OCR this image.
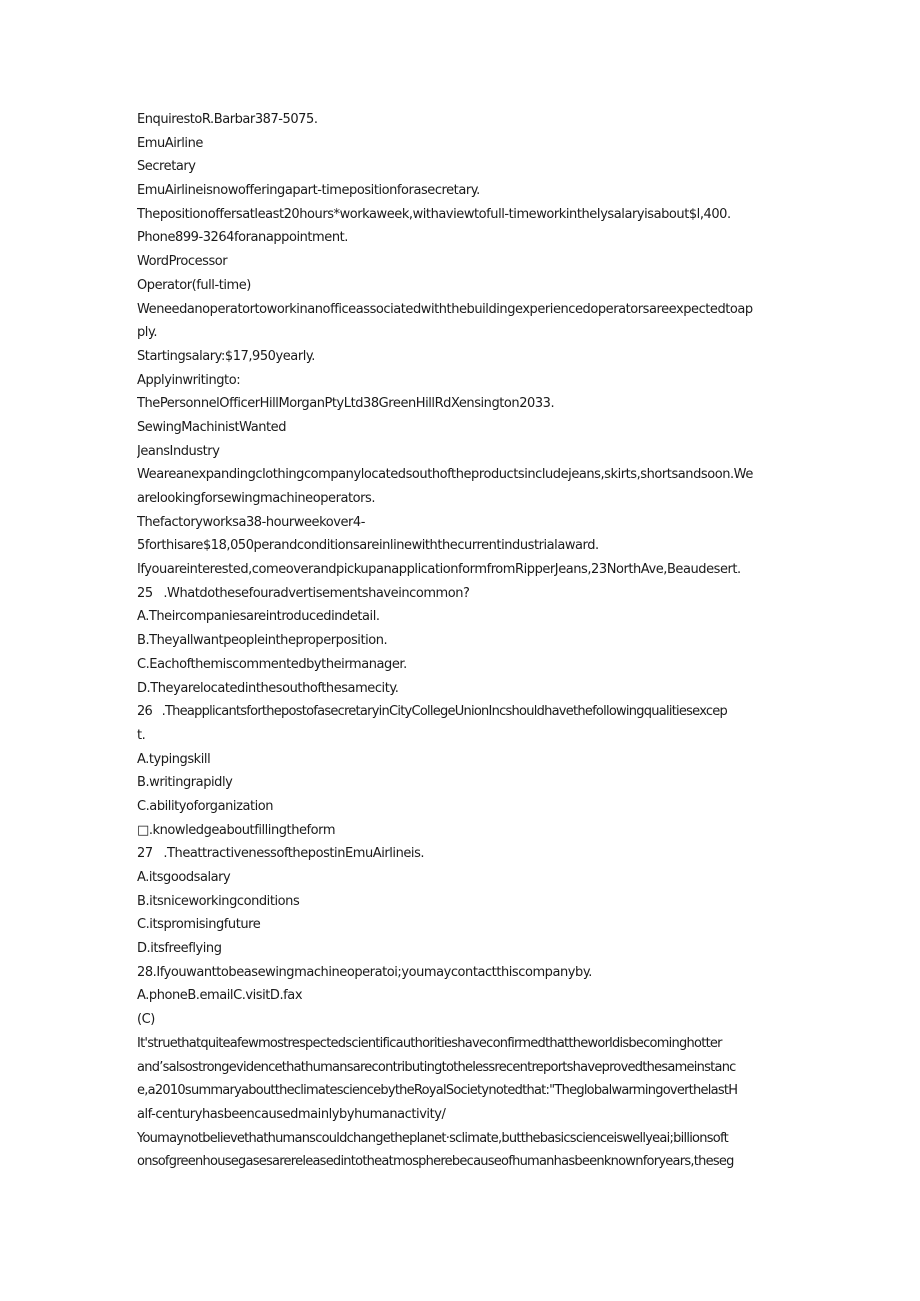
EnquirestoR.Barbar387-5075.
EmuAirline
Secretary
EmuAirlineisnowofferingapart-timepositionforasecretary.
Thepositionoffersatleast20hours*workaweek,withaviewtofull-timeworkintheIysalaryisabout$l,400.
Phone899-3264foranappointment.
WordProcessor
Operator(full-time)
Weneedanoperatortoworkinanofficeassociatedwiththebuildingexperiencedoperatorsareexpectedtoap
ply.
Startingsalary:$17,950yearly.
Applyinwritingto:
ThePersonnelOfficerHillMorganPtyLtd38GreenHillRdXensington2033.
SewingMachinistWanted
JeansIndustry
Weareanexpandingclothingcompanylocatedsouthoftheproductsincludejeans,skirts,shortsandsoon.We
arelookingforsewingmachineoperators.
Thefactoryworksa38-hourweekover4-
5forthisare$18,050perandconditionsareinlinewiththecurrentindustrialaward.
Ifyouareinterested,comeoverandpickupanapplicationformfromRipperJeans,23NorthAve,Beaudesert.
25    .Whatdothesefouradvertisementshaveincommon?
A.Theircompaniesareintroducedindetail.
B.Theyallwantpeopleintheproperposition.
C.Eachofthemiscommentedbytheirmanager.
D.Theyarelocatedinthesouthofthesamecity.
26    .TheapplicantsforthepostofasecretaryinCityCollegeUnionIncshouldhavethefollowingqualitiesexcep
t.
A.typingskill
B.writingrapidly
C.abilityoforganization
□.knowledgeaboutfillingtheform
27    .TheattractivenessofthepostinEmuAirlineis.
A.itsgoodsalary
B.itsniceworkingconditions
C.itspromisingfuture
D.itsfreeflying
28.Ifyouwanttobeasewingmachineoperatoi;youmaycontactthiscompanyby.
A.phoneB.emailC.visitD.fax
(C)
It'struethatquiteafewmostrespectedscientificauthoritieshaveconfirmedthattheworldisbecominghotter
and’salsostrongevidencethathumansarecontributingtothelessrecentreportshaveprovedthesameinstanc
e,a2010summaryabouttheclimatesciencebytheRoyalSocietynotedthat:"TheglobalwarmingoverthelastH
alf-centuryhasbeencausedmainlybyhumanactivity/
Youmaynotbelievethathumanscouldchangetheplanet·sclimate,butthebasicscienceiswellyeai;billionsoft
onsofgreenhousegasesarereleasedintotheatmospherebecauseofhumanhasbeenknownforyears,theseg
